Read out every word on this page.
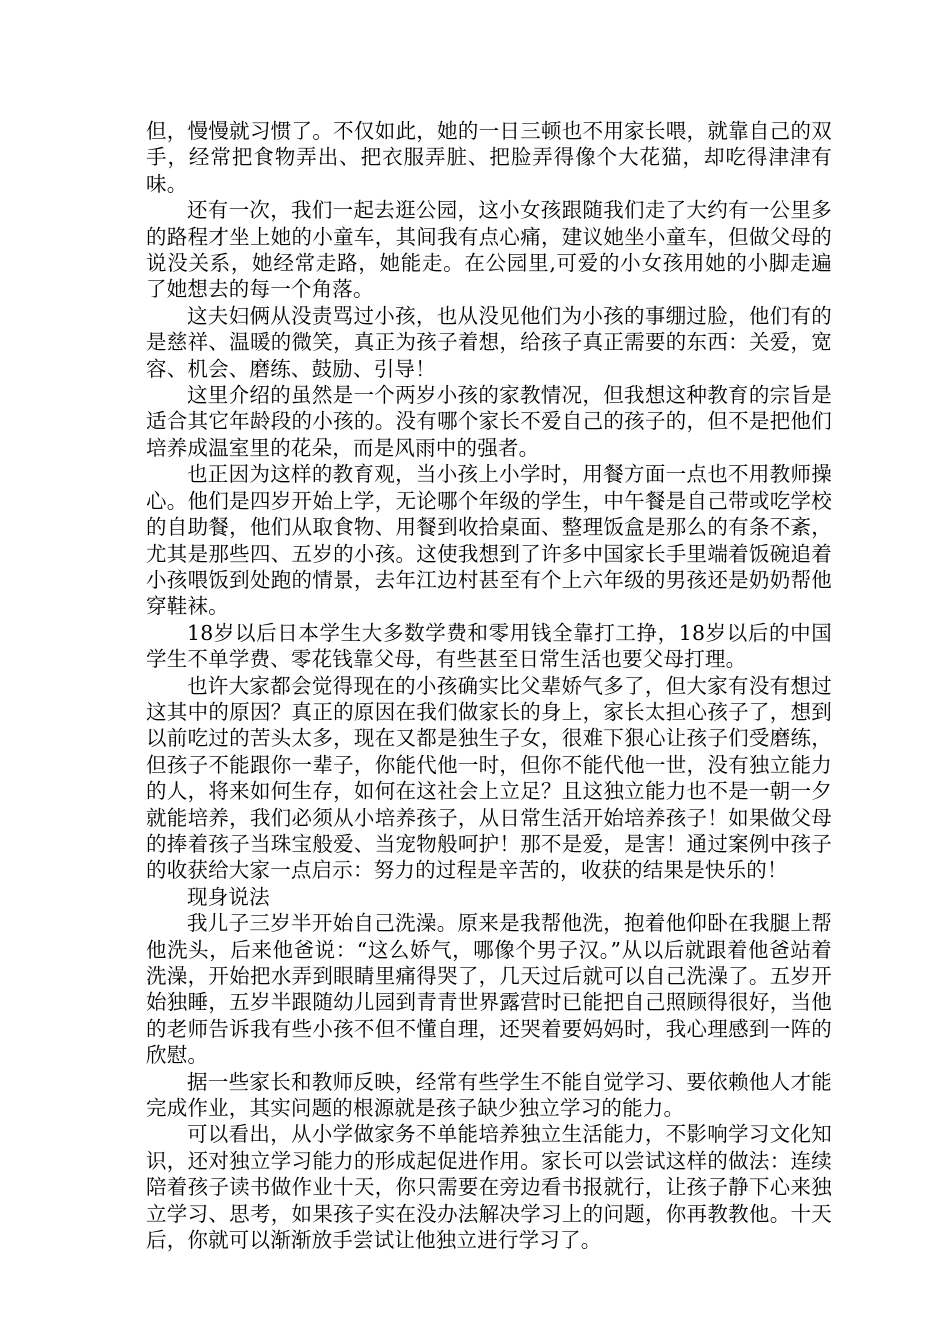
但，慢慢就习惯了。不仅如此，她的一日三顿也不用家长喂，就靠自己的双手，经常把食物弄出、把衣服弄脏、把脸弄得像个大花猫，却吃得津津有味。

还有一次，我们一起去逛公园，这小女孩跟随我们走了大约有一公里多的路程才坐上她的小童车，其间我有点心痛，建议她坐小童车，但做父母的说没关系，她经常走路，她能走。在公园里,可爱的小女孩用她的小脚走遍了她想去的每一个角落。

这夫妇俩从没责骂过小孩，也从没见他们为小孩的事绷过脸，他们有的是慈祥、温暖的微笑，真正为孩子着想，给孩子真正需要的东西：关爱，宽容、机会、磨练、鼓励、引导！

这里介绍的虽然是一个两岁小孩的家教情况，但我想这种教育的宗旨是适合其它年龄段的小孩的。没有哪个家长不爱自己的孩子的，但不是把他们培养成温室里的花朵，而是风雨中的强者。

也正因为这样的教育观，当小孩上小学时，用餐方面一点也不用教师操心。他们是四岁开始上学，无论哪个年级的学生，中午餐是自己带或吃学校的自助餐，他们从取食物、用餐到收拾桌面、整理饭盒是那么的有条不紊，尤其是那些四、五岁的小孩。这使我想到了许多中国家长手里端着饭碗追着小孩喂饭到处跑的情景，去年江边村甚至有个上六年级的男孩还是奶奶帮他穿鞋袜。

18岁以后日本学生大多数学费和零用钱全靠打工挣，18岁以后的中国学生不单学费、零花钱靠父母，有些甚至日常生活也要父母打理。

也许大家都会觉得现在的小孩确实比父辈娇气多了，但大家有没有想过这其中的原因？真正的原因在我们做家长的身上，家长太担心孩子了，想到以前吃过的苦头太多，现在又都是独生子女，很难下狠心让孩子们受磨练，但孩子不能跟你一辈子，你能代他一时，但你不能代他一世，没有独立能力的人，将来如何生存，如何在这社会上立足？且这独立能力也不是一朝一夕就能培养，我们必须从小培养孩子，从日常生活开始培养孩子！如果做父母的捧着孩子当珠宝般爱、当宠物般呵护！那不是爱，是害！通过案例中孩子的收获给大家一点启示：努力的过程是辛苦的，收获的结果是快乐的！

现身说法

我儿子三岁半开始自己洗澡。原来是我帮他洗，抱着他仰卧在我腿上帮他洗头，后来他爸说：“这么娇气，哪像个男子汉。”从以后就跟着他爸站着洗澡，开始把水弄到眼睛里痛得哭了，几天过后就可以自己洗澡了。五岁开始独睡，五岁半跟随幼儿园到青青世界露营时已能把自己照顾得很好，当他的老师告诉我有些小孩不但不懂自理，还哭着要妈妈时，我心理感到一阵的欣慰。

据一些家长和教师反映，经常有些学生不能自觉学习、要依赖他人才能完成作业，其实问题的根源就是孩子缺少独立学习的能力。

可以看出，从小学做家务不单能培养独立生活能力，不影响学习文化知识，还对独立学习能力的形成起促进作用。家长可以尝试这样的做法：连续陪着孩子读书做作业十天，你只需要在旁边看书报就行，让孩子静下心来独立学习、思考，如果孩子实在没办法解决学习上的问题，你再教教他。十天后，你就可以渐渐放手尝试让他独立进行学习了。
